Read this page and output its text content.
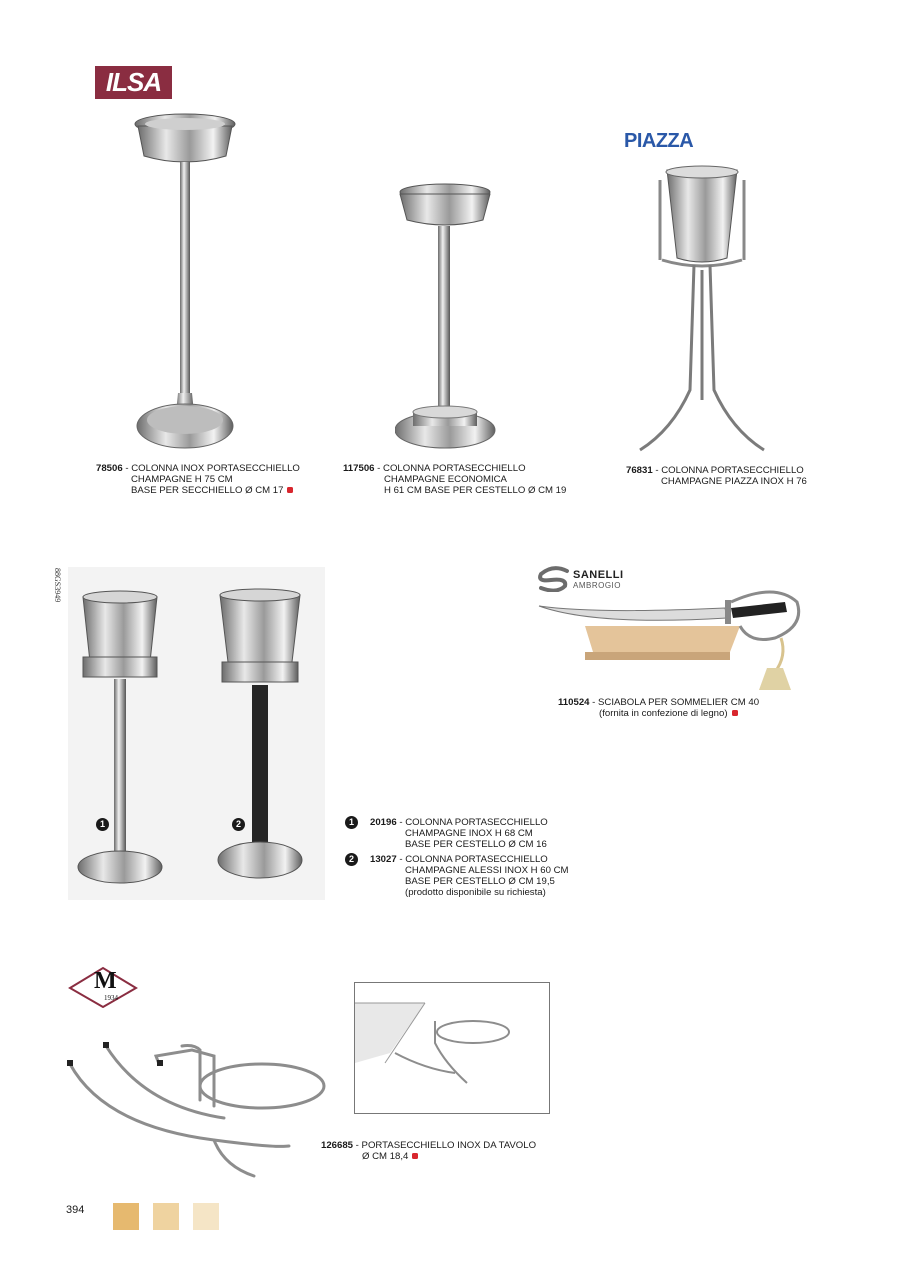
ILSA
PIAZZA
78506 - COLONNA INOX PORTASECCHIELLO
CHAMPAGNE H 75 CM
BASE PER SECCHIELLO Ø CM 17
117506 - COLONNA PORTASECCHIELLO
CHAMPAGNE ECONOMICA
H 61 CM BASE PER CESTELLO Ø CM 19
76831 - COLONNA PORTASECCHIELLO
CHAMPAGNE PIAZZA INOX H 76
88GS3949
1	2
SANELLI
AMBROGIO
110524 - SCIABOLA PER SOMMELIER CM 40
(fornita in confezione di legno)
1	20196 - COLONNA PORTASECCHIELLO
CHAMPAGNE INOX H 68 CM
BASE PER CESTELLO Ø CM 16
2	13027 - COLONNA PORTASECCHIELLO
CHAMPAGNE ALESSI INOX H 60 CM
BASE PER CESTELLO Ø CM 19,5
(prodotto disponibile su richiesta)
M
1934
126685 - PORTASECCHIELLO INOX DA TAVOLO
Ø CM 18,4
394
